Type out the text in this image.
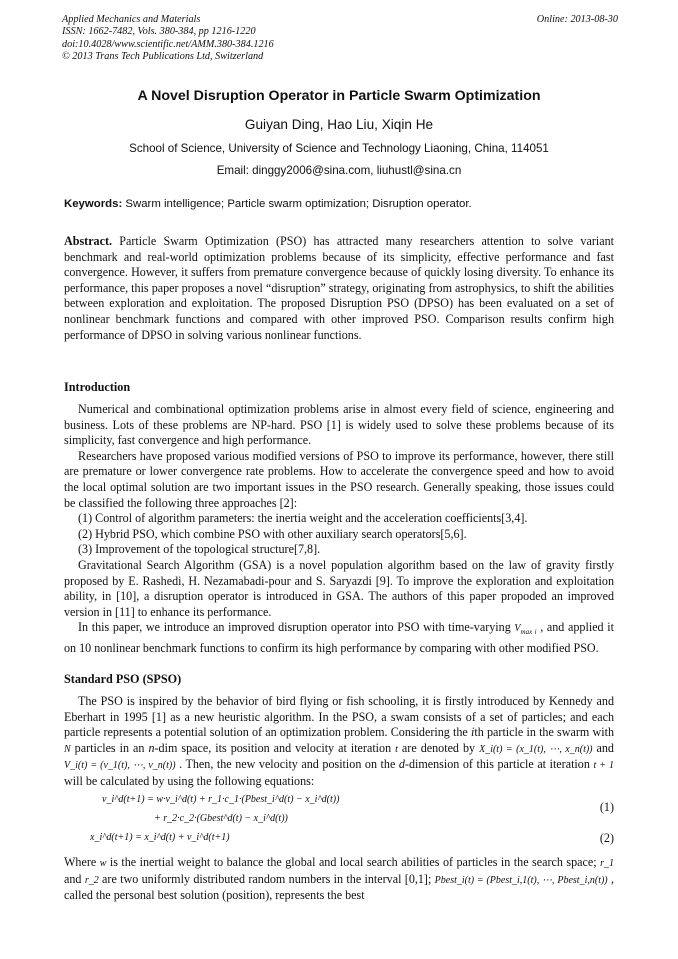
Applied Mechanics and Materials
ISSN: 1662-7482, Vols. 380-384, pp 1216-1220
doi:10.4028/www.scientific.net/AMM.380-384.1216
© 2013 Trans Tech Publications Ltd, Switzerland
Online: 2013-08-30
A Novel Disruption Operator in Particle Swarm Optimization
Guiyan Ding, Hao Liu, Xiqin He
School of Science, University of Science and Technology Liaoning, China, 114051
Email: dinggy2006@sina.com, liuhustl@sina.cn
Keywords: Swarm intelligence; Particle swarm optimization; Disruption operator.
Abstract. Particle Swarm Optimization (PSO) has attracted many researchers attention to solve variant benchmark and real-world optimization problems because of its simplicity, effective performance and fast convergence. However, it suffers from premature convergence because of quickly losing diversity. To enhance its performance, this paper proposes a novel “disruption” strategy, originating from astrophysics, to shift the abilities between exploration and exploitation. The proposed Disruption PSO (DPSO) has been evaluated on a set of nonlinear benchmark functions and compared with other improved PSO. Comparison results confirm high performance of DPSO in solving various nonlinear functions.
Introduction

Numerical and combinational optimization problems arise in almost every field of science, engineering and business. Lots of these problems are NP-hard. PSO [1] is widely used to solve these problems because of its simplicity, fast convergence and high performance.

Researchers have proposed various modified versions of PSO to improve its performance, however, there still are premature or lower convergence rate problems. How to accelerate the convergence speed and how to avoid the local optimal solution are two important issues in the PSO research. Generally speaking, those issues could be classified the following three approaches [2]:

(1) Control of algorithm parameters: the inertia weight and the acceleration coefficients[3,4].

(2) Hybrid PSO, which combine PSO with other auxiliary search operators[5,6].

(3) Improvement of the topological structure[7,8].

Gravitational Search Algorithm (GSA) is a novel population algorithm based on the law of gravity firstly proposed by E. Rashedi, H. Nezamabadi-pour and S. Saryazdi [9]. To improve the exploration and exploitation ability, in [10], a disruption operator is introduced in GSA. The authors of this paper propoded an improved version in [11] to enhance its performance.

In this paper, we introduce an improved disruption operator into PSO with time-varying $V_{max i}$ , and applied it on 10 nonlinear benchmark functions to confirm its high performance by comparing with other modified PSO.

Standard PSO (SPSO)

The PSO is inspired by the behavior of bird flying or fish schooling, it is firstly introduced by Kennedy and Eberhart in 1995 [1] as a new heuristic algorithm. In the PSO, a swam consists of a set of particles; and each particle represents a potential solution of an optimization problem. Considering the ith particle in the swarm with N particles in an n-dim space, its position and velocity at iteration t are denoted by X_i(t) = (x_1(t), ⋯, x_n(t)) and V_i(t) = (v_1(t), ⋯, v_n(t)) . Then, the new velocity and position on the d-dimension of this particle at iteration t + 1 will be calculated by using the following equations:

v_i^d(t+1) = w·v_i^d(t) + r_1·c_1·(Pbest_i^d(t) − x_i^d(t))
+ r_2·c_2·(Gbest^d(t) − x_i^d(t))
(1)
x_i^d(t+1) = x_i^d(t) + v_i^d(t+1)	(2)
Where w is the inertial weight to balance the global and local search abilities of particles in the search space; r_1 and r_2 are two uniformly distributed random numbers in the interval [0,1]; Pbest_i(t) = (Pbest_i,1(t), ⋯, Pbest_i,n(t)) , called the personal best solution (position), represents the best
